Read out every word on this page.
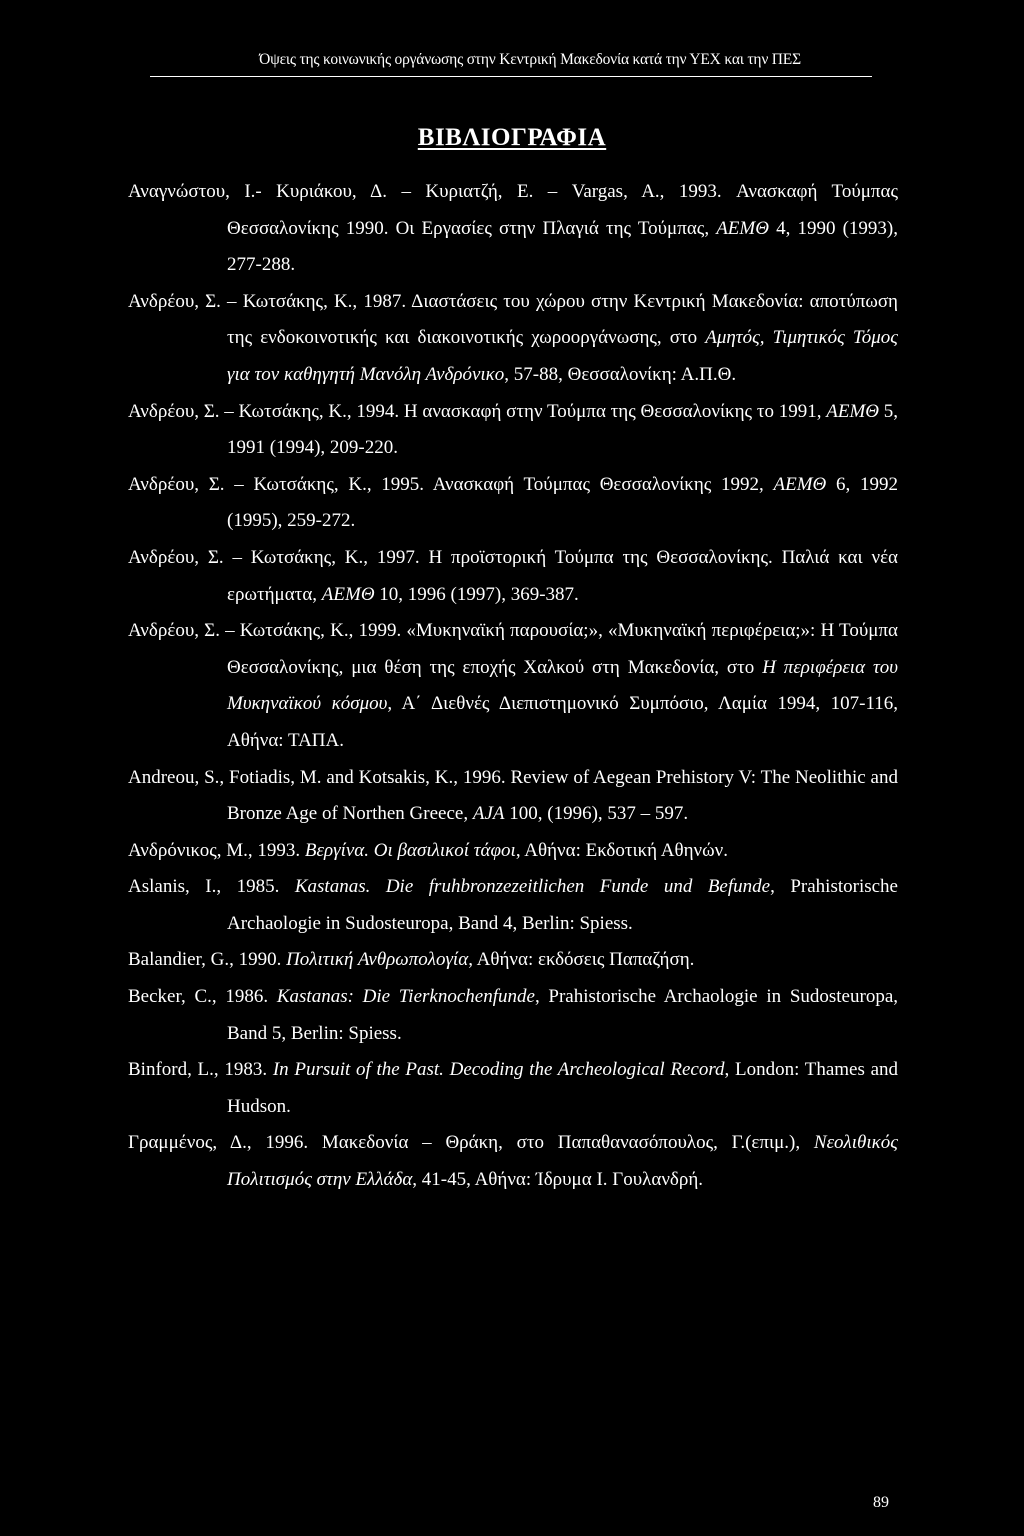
Όψεις της κοινωνικής οργάνωσης στην Κεντρική Μακεδονία κατά την ΥΕΧ και την ΠΕΣ
ΒΙΒΛΙΟΓΡΑΦΙΑ

Αναγνώστου, Ι.- Κυριάκου, Δ. – Κυριατζή, Ε. – Vargas, A., 1993. Ανασκαφή Τούμπας Θεσσαλονίκης 1990. Οι Εργασίες στην Πλαγιά της Τούμπας, ΑΕΜΘ 4, 1990 (1993), 277-288.

Ανδρέου, Σ. – Κωτσάκης, Κ., 1987. Διαστάσεις του χώρου στην Κεντρική Μακεδονία: αποτύπωση της ενδοκοινοτικής και διακοινοτικής χωροοργάνωσης, στο Αμητός, Τιμητικός Τόμος για τον καθηγητή Μανόλη Ανδρόνικο, 57-88, Θεσσαλονίκη: Α.Π.Θ.

Ανδρέου, Σ. – Κωτσάκης, Κ., 1994. Η ανασκαφή στην Τούμπα της Θεσσαλονίκης το 1991, ΑΕΜΘ 5, 1991 (1994), 209-220.

Ανδρέου, Σ. – Κωτσάκης, Κ., 1995. Ανασκαφή Τούμπας Θεσσαλονίκης 1992, ΑΕΜΘ 6, 1992 (1995), 259-272.

Ανδρέου, Σ. – Κωτσάκης, Κ., 1997. Η προϊστορική Τούμπα της Θεσσαλονίκης. Παλιά και νέα ερωτήματα, ΑΕΜΘ 10, 1996 (1997), 369-387.

Ανδρέου, Σ. – Κωτσάκης, Κ., 1999. «Μυκηναϊκή παρουσία;», «Μυκηναϊκή περιφέρεια;»: Η Τούμπα Θεσσαλονίκης, μια θέση της εποχής Χαλκού στη Μακεδονία, στο Η περιφέρεια του Μυκηναϊκού κόσμου, Α΄ Διεθνές Διεπιστημονικό Συμπόσιο, Λαμία 1994, 107-116, Αθήνα: ΤΑΠΑ.

Andreou, S., Fotiadis, M. and Kotsakis, K., 1996. Review of Aegean Prehistory V: The Neolithic and Bronze Age of Northen Greece, AJA 100, (1996), 537 – 597.

Ανδρόνικος, Μ., 1993. Βεργίνα. Οι βασιλικοί τάφοι, Αθήνα: Εκδοτική Αθηνών.

Aslanis, I., 1985. Kastanas. Die fruhbronzezeitlichen Funde und Befunde, Prahistorische Archaologie in Sudosteuropa, Band 4, Berlin: Spiess.

Balandier, G., 1990. Πολιτική Ανθρωπολογία, Αθήνα: εκδόσεις Παπαζήση.

Becker, C., 1986. Kastanas: Die Tierknochenfunde, Prahistorische Archaologie in Sudosteuropa, Band 5, Berlin: Spiess.

Binford, L., 1983. In Pursuit of the Past. Decoding the Archeological Record, London: Thames and Hudson.

Γραμμένος, Δ., 1996. Μακεδονία – Θράκη, στο Παπαθανασόπουλος, Γ.(επιμ.), Νεολιθικός Πολιτισμός στην Ελλάδα, 41-45, Αθήνα: Ίδρυμα Ι. Γουλανδρή.

89
